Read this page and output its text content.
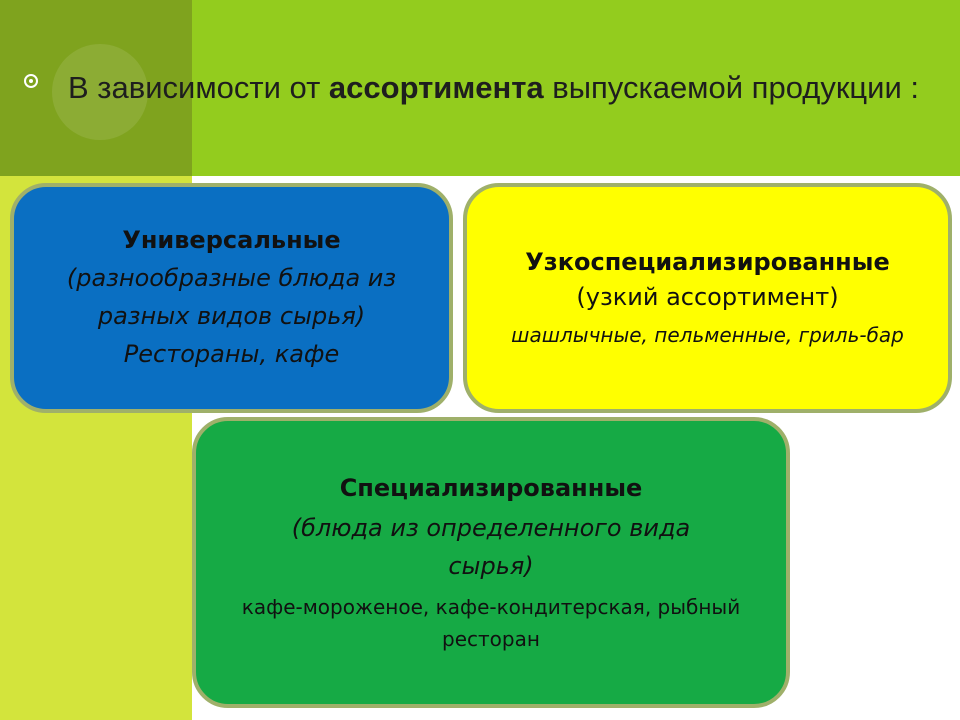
В зависимости от ассортимента выпускаемой продукции :
Универсальные
(разнообразные блюда из разных видов сырья)
Рестораны, кафе
Узкоспециализированные
(узкий ассортимент)
шашлычные, пельменные, гриль-бар
Специализированные
(блюда из определенного вида сырья)
кафе-мороженое, кафе-кондитерская, рыбный ресторан
